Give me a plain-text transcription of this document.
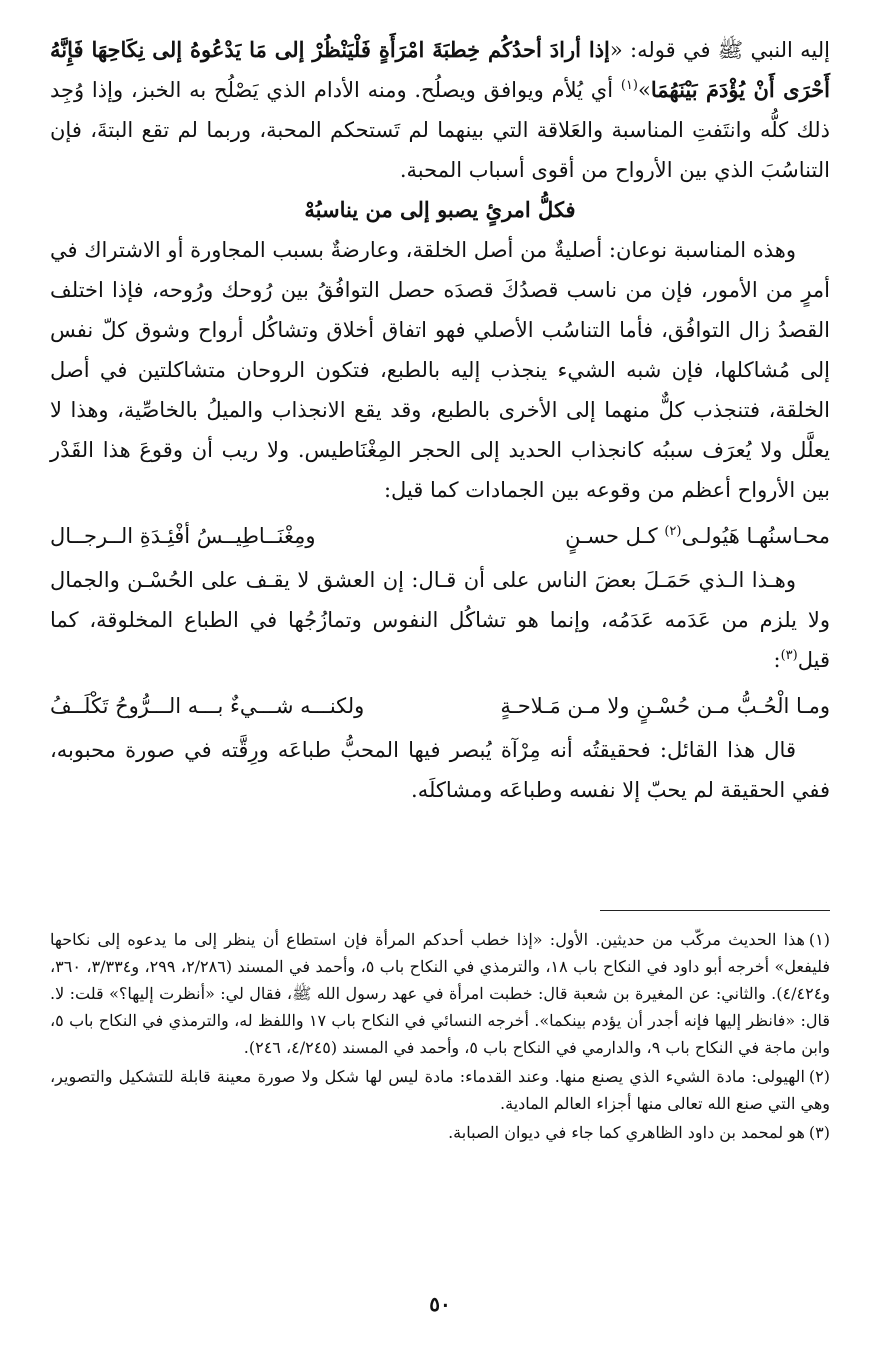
إليه النبي ﷺ في قوله: «إذا أرادَ أحدُكُم خِطبَةَ امْرَأَةٍ فَلْيَنْظُرْ إلى مَا يَدْعُوهُ إلى نِكَاحِهَا فَإِنَّهُ أَحْرَى أَنْ يُؤْدَمَ بَيْنَهُمَا»$^{(١)}$ أي يُلأم ويوافق ويصلُح. ومنه الأدام الذي يَصْلُح به الخبز، وإذا وُجِد ذلك كلُّه وانتَفتِ المناسبة والعَلاقة التي بينهما لم تَستحكم المحبة، وربما لم تقع البتةَ، فإن التناسُبَ الذي بين الأرواح من أقوى أسباب المحبة.

فكلُّ امرئٍ يصبو إلى من يناسبُهْ

وهذه المناسبة نوعان: أصليةٌ من أصل الخلقة، وعارضةٌ بسبب المجاورة أو الاشتراك في أمرٍ من الأمور، فإن من ناسب قصدُكَ قصدَه حصل التوافُقُ بين رُوحك ورُوحه، فإذا اختلف القصدُ زال التوافُق، فأما التناسُب الأصلي فهو اتفاق أخلاق وتشاكُل أرواح وشوق كلّ نفس إلى مُشاكلها، فإن شبه الشيء ينجذب إليه بالطبع، فتكون الروحان متشاكلتين في أصل الخلقة، فتنجذب كلٌّ منهما إلى الأخرى بالطبع، وقد يقع الانجذاب والميلُ بالخاصِّية، وهذا لا يعلَّل ولا يُعرَف سببُه كانجذاب الحديد إلى الحجر المِغْنَاطيس. ولا ريب أن وقوعَ هذا القَدْر بين الأرواح أعظم من وقوعه بين الجمادات كما قيل:

محـاسنُهـا هَيُولـى$^{(٢)}$ كـل حسـنٍ
ومِغْنَــاطِيــسُ أفْئِـدَةِ الــرجــال

وهـذا الـذي حَمَـلَ بعضَ الناس على أن قـال: إن العشق لا يقـف على الحُسْـن والجمال ولا يلزم من عَدَمه عَدَمُه، وإنما هو تشاكُل النفوس وتمازُجُها في الطباع المخلوقة، كما قيل$^{(٣)}$:

ومـا الْحُـبُّ مـن حُسْـنٍ ولا مـن مَـلاحـةٍ
ولكنـــه شـــيءٌ بـــه الـــرُّوحُ تَكْلَــفُ

قال هذا القائل: فحقيقتُه أنه مِرْآة يُبصر فيها المحبُّ طباعَه ورِقَّته في صورة محبوبه، ففي الحقيقة لم يحبّ إلا نفسه وطباعَه ومشاكلَه.

(١)هذا الحديث مركّب من حديثين. الأول: «إذا خطب أحدكم المرأة فإن استطاع أن ينظر إلى ما يدعوه إلى نكاحها فليفعل» أخرجه أبو داود في النكاح باب ١٨، والترمذي في النكاح باب ٥، وأحمد في المسند (٢/٢٨٦، ٢٩٩، و٣/٣٣٤، ٣٦٠، و٤/٤٢٤). والثاني: عن المغيرة بن شعبة قال: خطبت امرأة في عهد رسول الله ﷺ، فقال لي: «أنظرت إليها؟» قلت: لا. قال: «فانظر إليها فإنه أجدر أن يؤدم بينكما». أخرجه النسائي في النكاح باب ١٧ واللفظ له، والترمذي في النكاح باب ٥، وابن ماجة في النكاح باب ٩، والدارمي في النكاح باب ٥، وأحمد في المسند (٤/٢٤٥، ٢٤٦).

(٢)الهيولى: مادة الشيء الذي يصنع منها. وعند القدماء: مادة ليس لها شكل ولا صورة معينة قابلة للتشكيل والتصوير، وهي التي صنع الله تعالى منها أجزاء العالم المادية.

(٣)هو لمحمد بن داود الظاهري كما جاء في ديوان الصبابة.

٥٠
